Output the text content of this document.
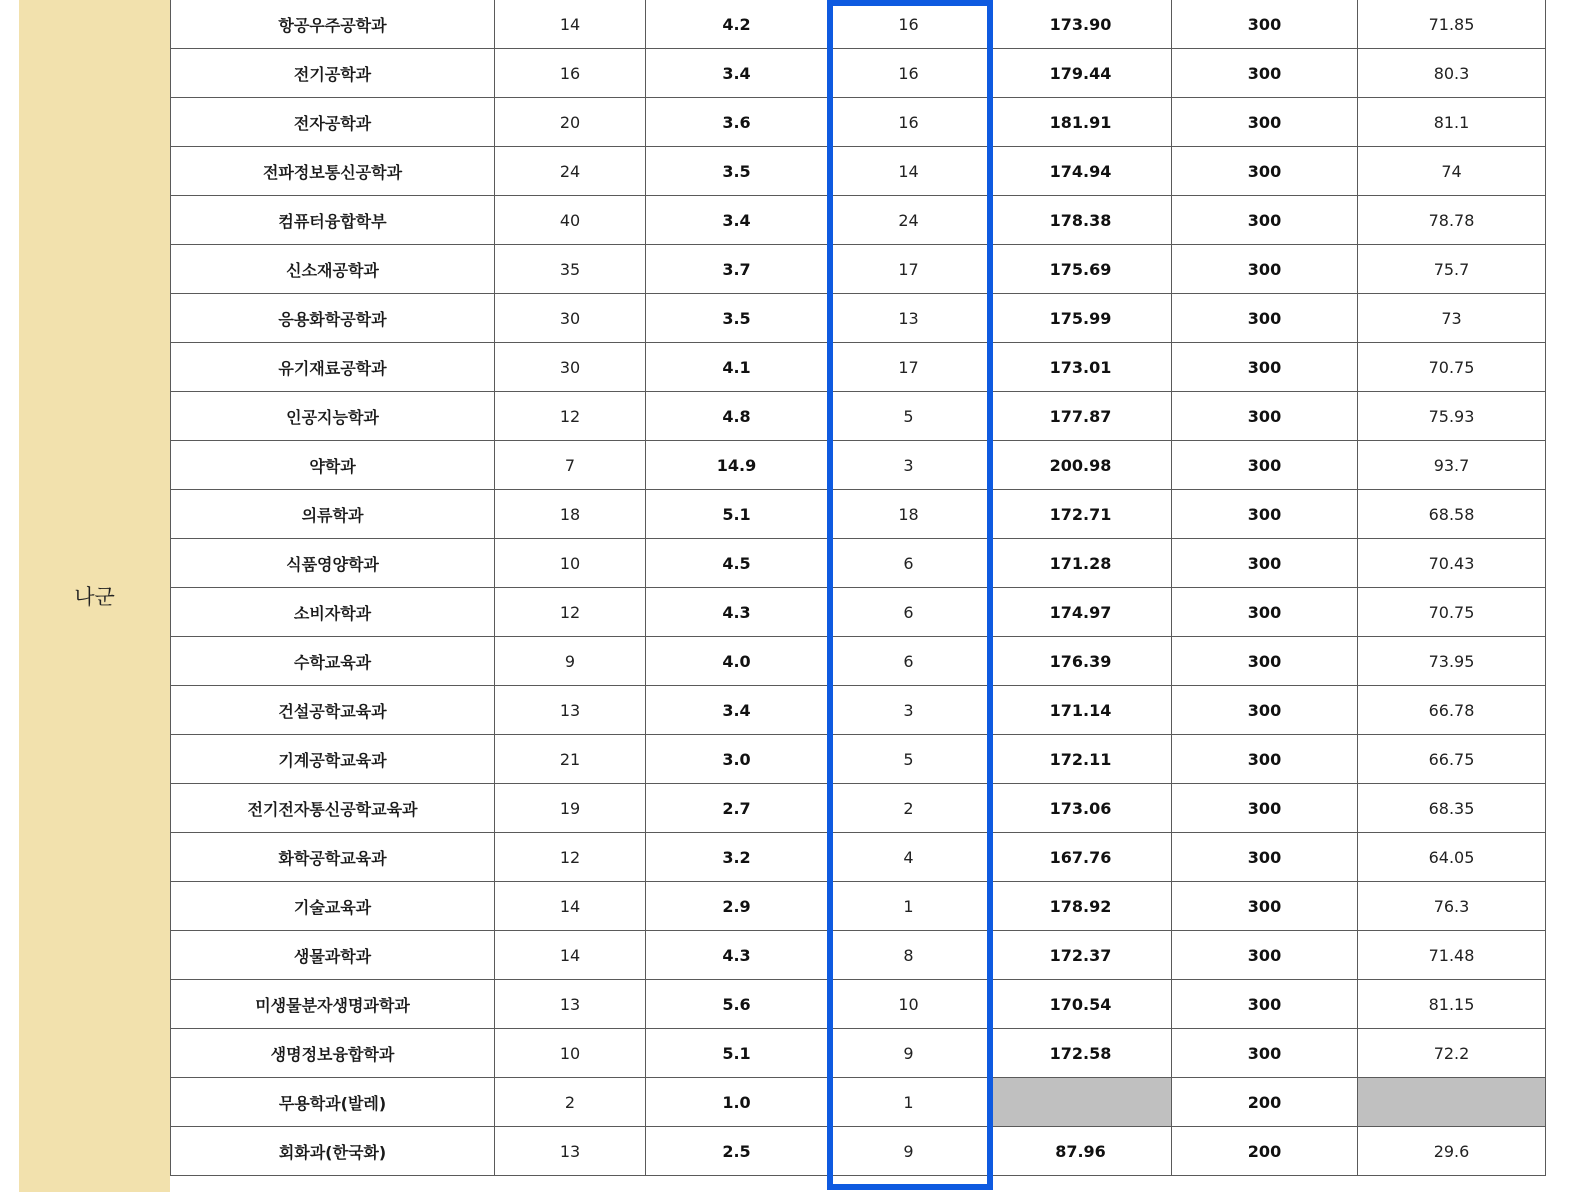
나군
항공우주공학과	14	4.2	16	173.90	300	71.85
전기공학과	16	3.4	16	179.44	300	80.3
전자공학과	20	3.6	16	181.91	300	81.1
전파정보통신공학과	24	3.5	14	174.94	300	74
컴퓨터융합학부	40	3.4	24	178.38	300	78.78
신소재공학과	35	3.7	17	175.69	300	75.7
응용화학공학과	30	3.5	13	175.99	300	73
유기재료공학과	30	4.1	17	173.01	300	70.75
인공지능학과	12	4.8	5	177.87	300	75.93
약학과	7	14.9	3	200.98	300	93.7
의류학과	18	5.1	18	172.71	300	68.58
식품영양학과	10	4.5	6	171.28	300	70.43
소비자학과	12	4.3	6	174.97	300	70.75
수학교육과	9	4.0	6	176.39	300	73.95
건설공학교육과	13	3.4	3	171.14	300	66.78
기계공학교육과	21	3.0	5	172.11	300	66.75
전기전자통신공학교육과	19	2.7	2	173.06	300	68.35
화학공학교육과	12	3.2	4	167.76	300	64.05
기술교육과	14	2.9	1	178.92	300	76.3
생물과학과	14	4.3	8	172.37	300	71.48
미생물분자생명과학과	13	5.6	10	170.54	300	81.15
생명정보융합학과	10	5.1	9	172.58	300	72.2
무용학과(발레)	2	1.0	1		200	
회화과(한국화)	13	2.5	9	87.96	200	29.6
